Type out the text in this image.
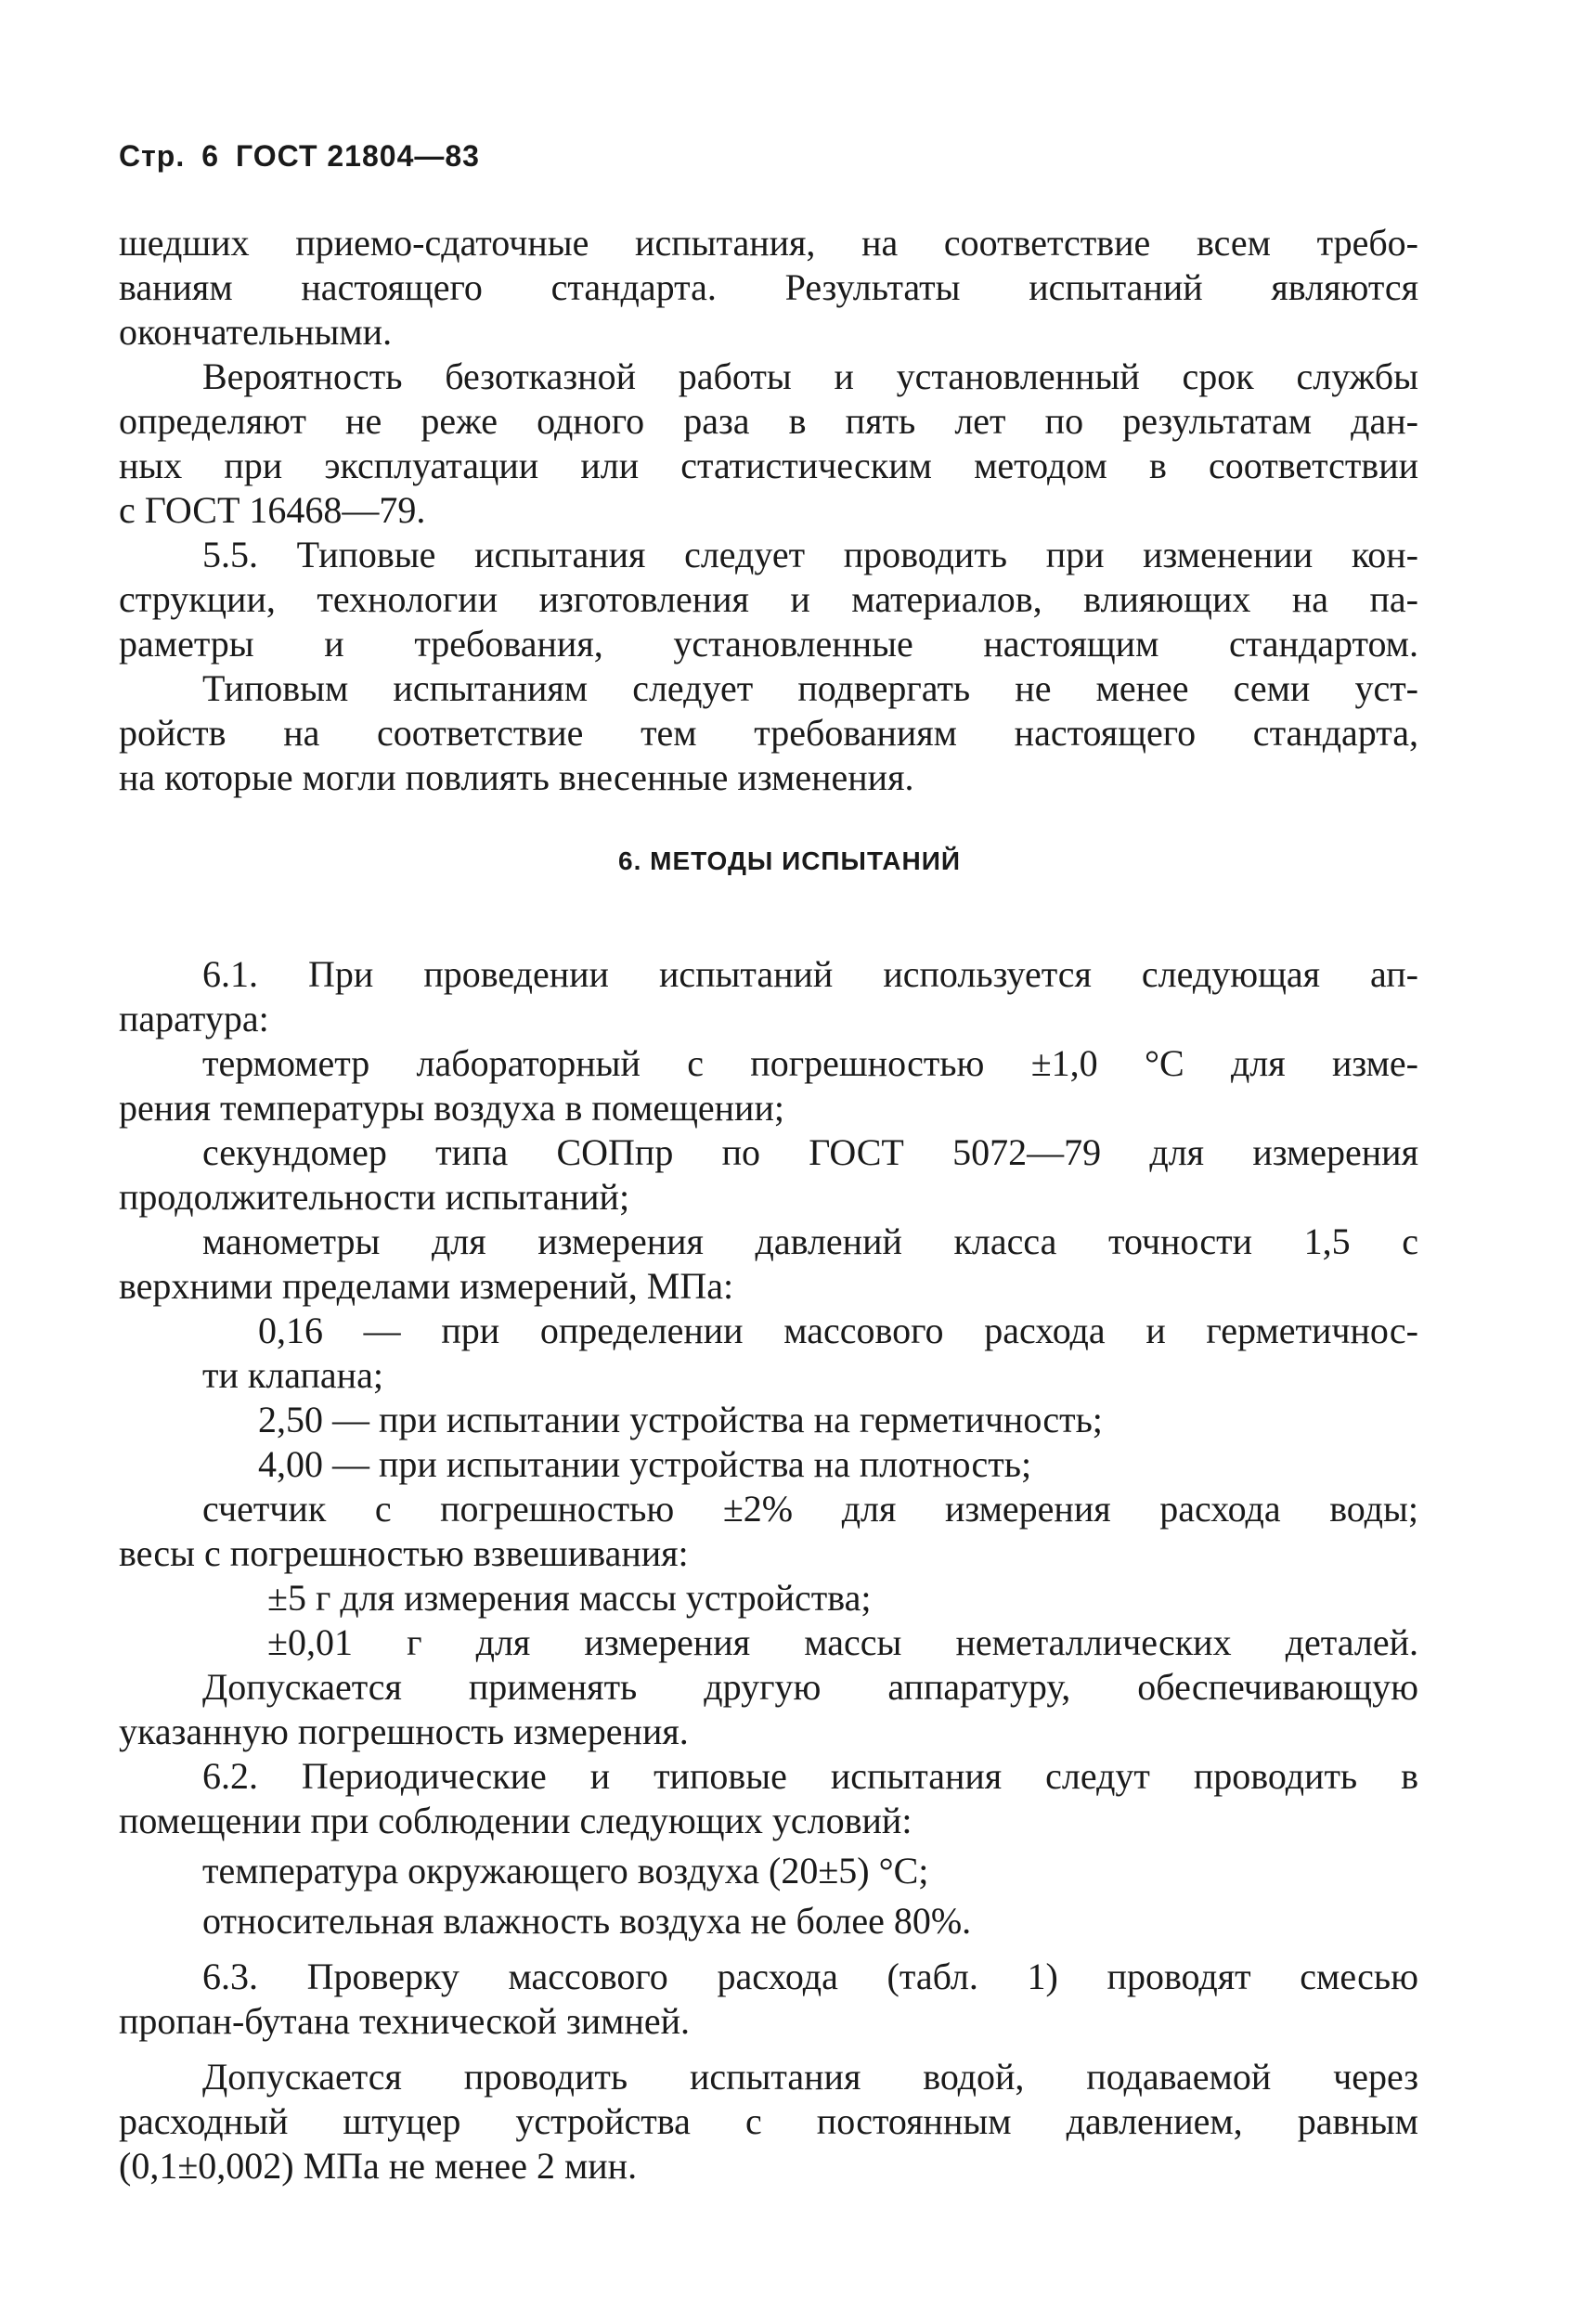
Стр. 6 ГОСТ 21804—83
шедших приемо-сдаточные испытания, на соответствие всем требо-
ваниям настоящего стандарта. Результаты испытаний являются
окончательными.
Вероятность безотказной работы и установленный срок службы
определяют не реже одного раза в пять лет по результатам дан-
ных при эксплуатации или статистическим методом в соответствии
с ГОСТ 16468—79.
5.5. Типовые испытания следует проводить при изменении кон-
струкции, технологии изготовления и материалов, влияющих на па-
раметры и требования, установленные настоящим стандартом.
Типовым испытаниям следует подвергать не менее семи уст-
ройств на соответствие тем требованиям настоящего стандарта,
на которые могли повлиять внесенные изменения.
6. МЕТОДЫ ИСПЫТАНИЙ
6.1. При проведении испытаний используется следующая ап-
паратура:
термометр лабораторный с погрешностью ±1,0 °С для изме-
рения температуры воздуха в помещении;
секундомер типа СОПпр по ГОСТ 5072—79 для измерения
продолжительности испытаний;
манометры для измерения давлений класса точности 1,5 с
верхними пределами измерений, МПа:
0,16 — при определении массового расхода и герметичнос-
ти клапана;
2,50 — при испытании устройства на герметичность;
4,00 — при испытании устройства на плотность;
счетчик с погрешностью ±2% для измерения расхода воды;
весы с погрешностью взвешивания:
±5 г для измерения массы устройства;
±0,01 г для измерения массы неметаллических деталей.
Допускается применять другую аппаратуру, обеспечивающую
указанную погрешность измерения.
6.2. Периодические и типовые испытания следут проводить в
помещении при соблюдении следующих условий:
температура окружающего воздуха (20±5) °С;
относительная влажность воздуха не более 80%.
6.3. Проверку массового расхода (табл. 1) проводят смесью
пропан-бутана технической зимней.
Допускается проводить испытания водой, подаваемой через
расходный штуцер устройства с постоянным давлением, равным
(0,1±0,002) МПа не менее 2 мин.
